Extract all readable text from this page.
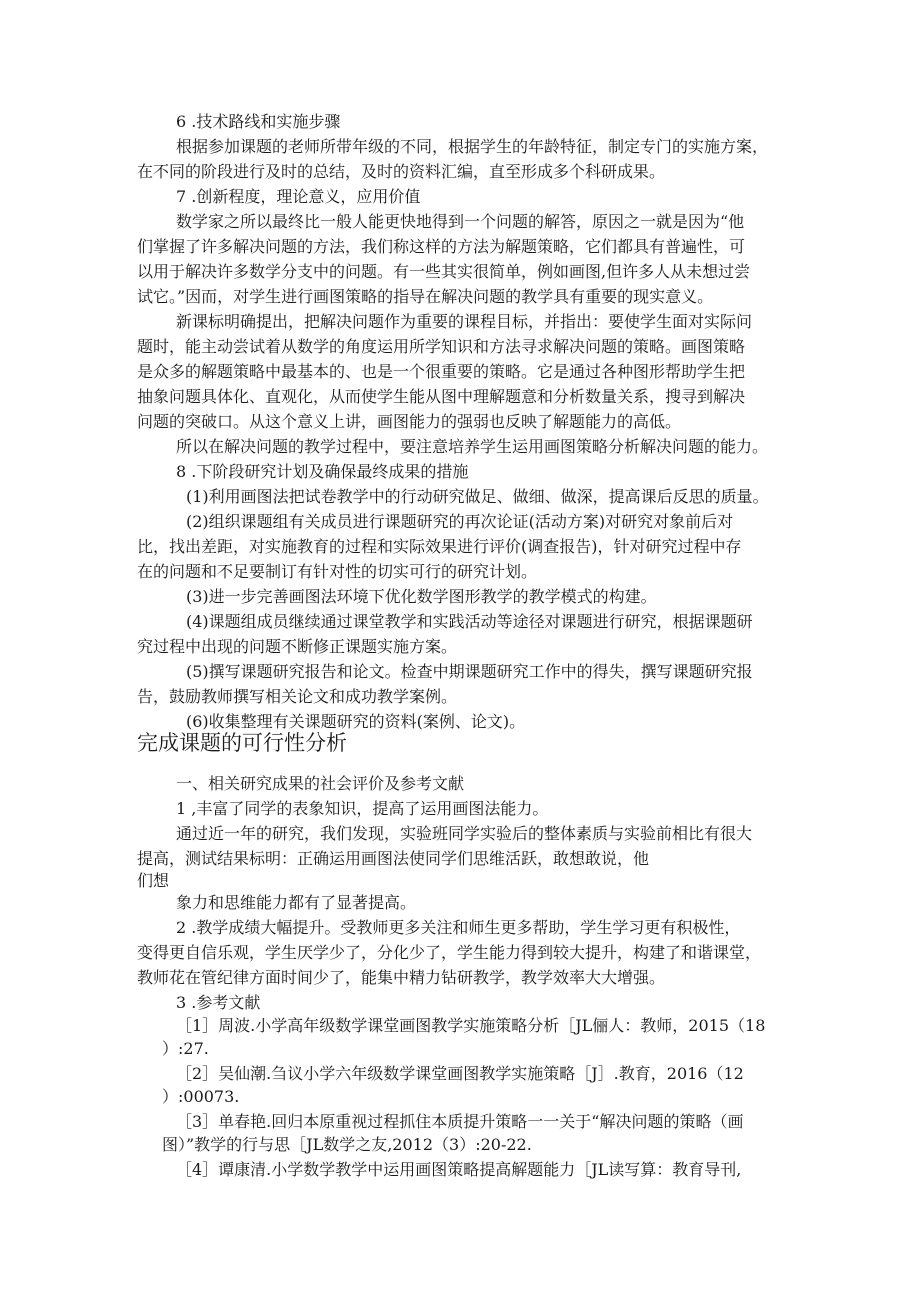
6 .技术路线和实施步骤
根据参加课题的老师所带年级的不同，根据学生的年龄特征，制定专门的实施方案，
在不同的阶段进行及时的总结，及时的资料汇编，直至形成多个科研成果。
7 .创新程度，理论意义，应用价值
数学家之所以最终比一般人能更快地得到一个问题的解答，原因之一就是因为“他
们掌握了许多解决问题的方法，我们称这样的方法为解题策略，它们都具有普遍性，可
以用于解决许多数学分支中的问题。有一些其实很简单，例如画图,但许多人从未想过尝
试它。”因而，对学生进行画图策略的指导在解决问题的教学具有重要的现实意义。
新课标明确提出，把解决问题作为重要的课程目标，并指出：要使学生面对实际问
题时，能主动尝试着从数学的角度运用所学知识和方法寻求解决问题的策略。画图策略
是众多的解题策略中最基本的、也是一个很重要的策略。它是通过各种图形帮助学生把
抽象问题具体化、直观化，从而使学生能从图中理解题意和分析数量关系，搜寻到解决
问题的突破口。从这个意义上讲，画图能力的强弱也反映了解题能力的高低。
所以在解决问题的教学过程中，要注意培养学生运用画图策略分析解决问题的能力。
8 .下阶段研究计划及确保最终成果的措施
(1)利用画图法把试卷教学中的行动研究做足、做细、做深，提高课后反思的质量。
(2)组织课题组有关成员进行课题研究的再次论证(活动方案)对研究对象前后对
比，找出差距，对实施教育的过程和实际效果进行评价(调查报告)，针对研究过程中存
在的问题和不足要制订有针对性的切实可行的研究计划。
(3)进一步完善画图法环境下优化数学图形教学的教学模式的构建。
(4)课题组成员继续通过课堂教学和实践活动等途径对课题进行研究，根据课题研
究过程中出现的问题不断修正课题实施方案。
(5)撰写课题研究报告和论文。检查中期课题研究工作中的得失，撰写课题研究报
告，鼓励教师撰写相关论文和成功教学案例。
(6)收集整理有关课题研究的资料(案例、论文)。
完成课题的可行性分析
一、相关研究成果的社会评价及参考文献
1 ,丰富了同学的表象知识，提高了运用画图法能力。
通过近一年的研究，我们发现，实验班同学实验后的整体素质与实验前相比有很大
提高，测试结果标明：正确运用画图法使同学们思维活跃，敢想敢说，他
们想
象力和思维能力都有了显著提高。
2 .教学成绩大幅提升。受教师更多关注和师生更多帮助，学生学习更有积极性，
变得更自信乐观，学生厌学少了，分化少了，学生能力得到较大提升，构建了和谐课堂，
教师花在管纪律方面时间少了，能集中精力钻研教学，教学效率大大增强。
3 .参考文献
［1］周波.小学高年级数学课堂画图教学实施策略分析［JL俪人：教师，2015（18
）:27.
［2］吴仙潮.刍议小学六年级数学课堂画图教学实施策略［J］.教育，2016（12
）:00073.
［3］单春艳.回归本原重视过程抓住本质提升策略一一关于“解决问题的策略（画
图）”教学的行与思［JL数学之友,2012（3）:20-22.
［4］谭康清.小学数学教学中运用画图策略提高解题能力［JL读写算：教育导刊,
